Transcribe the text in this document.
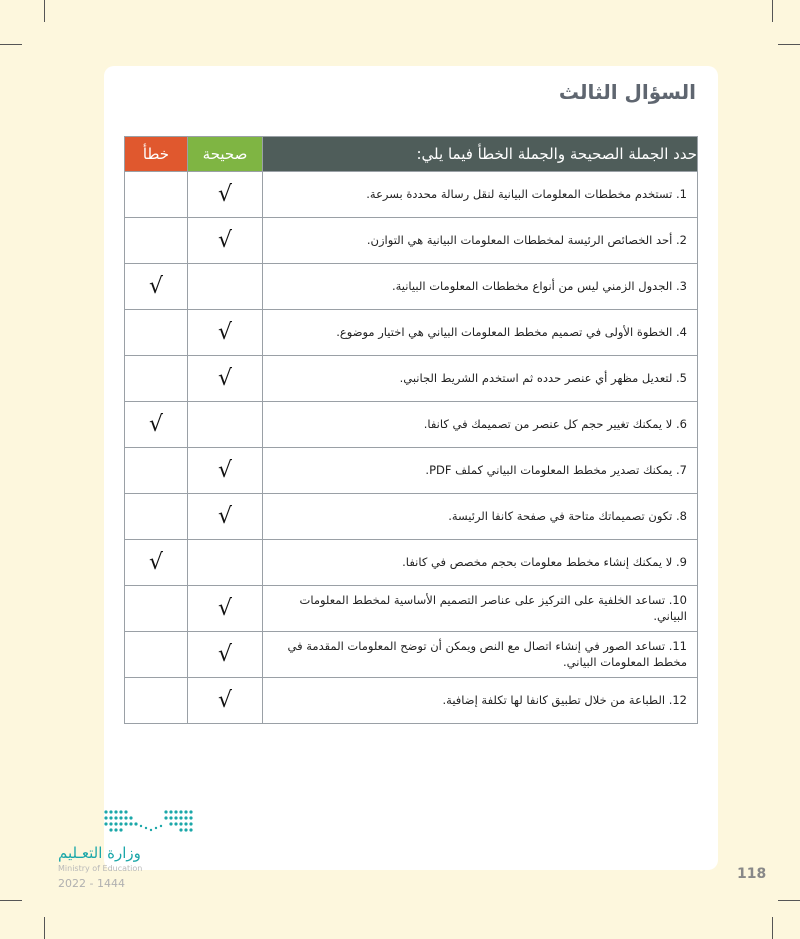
السؤال الثالث
خطأ	صحيحة	حدد الجملة الصحيحة والجملة الخطأ فيما يلي:
	√	1. تستخدم مخططات المعلومات البيانية لنقل رسالة محددة بسرعة.
	√	2. أحد الخصائص الرئيسة لمخططات المعلومات البيانية هي التوازن.
√		3. الجدول الزمني ليس من أنواع مخططات المعلومات البيانية.
	√	4. الخطوة الأولى في تصميم مخطط المعلومات البياني هي اختيار موضوع.
	√	5. لتعديل مظهر أي عنصر حدده ثم استخدم الشريط الجانبي.
√		6. لا يمكنك تغيير حجم كل عنصر من تصميمك في كانفا.
	√	7. يمكنك تصدير مخطط المعلومات البياني كملف PDF.
	√	8. تكون تصميماتك متاحة في صفحة كانفا الرئيسة.
√		9. لا يمكنك إنشاء مخطط معلومات بحجم مخصص في كانفا.
	√	10. تساعد الخلفية على التركيز على عناصر التصميم الأساسية لمخطط المعلومات البياني.
	√	11. تساعد الصور في إنشاء اتصال مع النص ويمكن أن توضح المعلومات المقدمة في مخطط المعلومات البياني.
	√	12. الطباعة من خلال تطبيق كانفا لها تكلفة إضافية.
وزارة التعـليم
Ministry of Education
2022 - 1444
118
